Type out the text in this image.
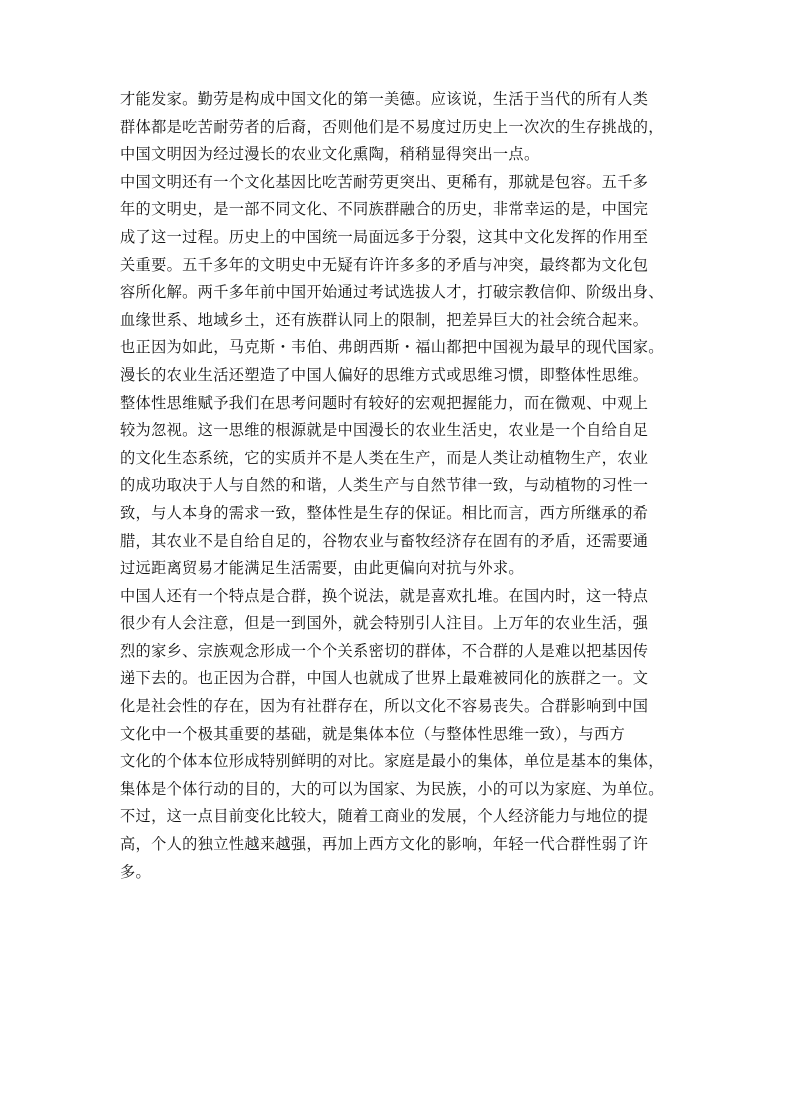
才能发家。勤劳是构成中国文化的第一美德。应该说，生活于当代的所有人类
群体都是吃苦耐劳者的后裔，否则他们是不易度过历史上一次次的生存挑战的，
中国文明因为经过漫长的农业文化熏陶，稍稍显得突出一点。
中国文明还有一个文化基因比吃苦耐劳更突出、更稀有，那就是包容。五千多
年的文明史，是一部不同文化、不同族群融合的历史，非常幸运的是，中国完
成了这一过程。历史上的中国统一局面远多于分裂，这其中文化发挥的作用至
关重要。五千多年的文明史中无疑有许许多多的矛盾与冲突，最终都为文化包
容所化解。两千多年前中国开始通过考试选拔人才，打破宗教信仰、阶级出身、
血缘世系、地域乡土，还有族群认同上的限制，把差异巨大的社会统合起来。
也正因为如此，马克斯・韦伯、弗朗西斯・福山都把中国视为最早的现代国家。
漫长的农业生活还塑造了中国人偏好的思维方式或思维习惯，即整体性思维。
整体性思维赋予我们在思考问题时有较好的宏观把握能力，而在微观、中观上
较为忽视。这一思维的根源就是中国漫长的农业生活史，农业是一个自给自足
的文化生态系统，它的实质并不是人类在生产，而是人类让动植物生产，农业
的成功取决于人与自然的和谐，人类生产与自然节律一致，与动植物的习性一
致，与人本身的需求一致，整体性是生存的保证。相比而言，西方所继承的希
腊，其农业不是自给自足的，谷物农业与畜牧经济存在固有的矛盾，还需要通
过远距离贸易才能满足生活需要，由此更偏向对抗与外求。
中国人还有一个特点是合群，换个说法，就是喜欢扎堆。在国内时，这一特点
很少有人会注意，但是一到国外，就会特别引人注目。上万年的农业生活，强
烈的家乡、宗族观念形成一个个关系密切的群体，不合群的人是难以把基因传
递下去的。也正因为合群，中国人也就成了世界上最难被同化的族群之一。文
化是社会性的存在，因为有社群存在，所以文化不容易丧失。合群影响到中国
文化中一个极其重要的基础，就是集体本位（与整体性思维一致），与西方
文化的个体本位形成特别鲜明的对比。家庭是最小的集体，单位是基本的集体，
集体是个体行动的目的，大的可以为国家、为民族，小的可以为家庭、为单位。
不过，这一点目前变化比较大，随着工商业的发展，个人经济能力与地位的提
高，个人的独立性越来越强，再加上西方文化的影响，年轻一代合群性弱了许
多。
